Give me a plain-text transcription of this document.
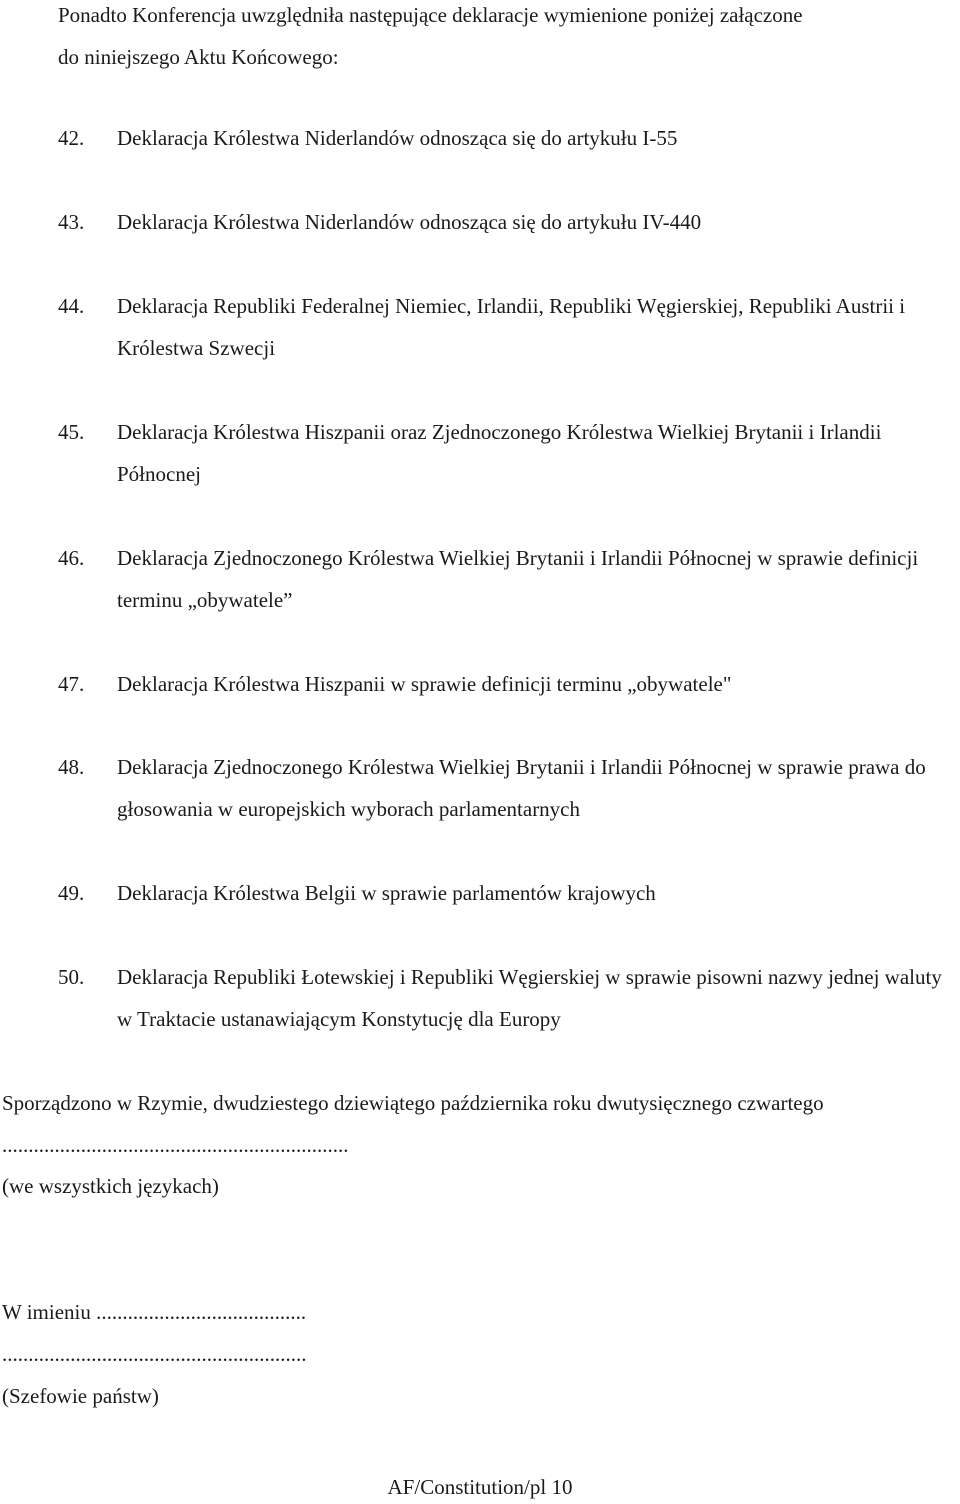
Ponadto Konferencja uwzględniła następujące deklaracje wymienione poniżej załączone
do niniejszego Aktu Końcowego:
42. Deklaracja Królestwa Niderlandów odnosząca się do artykułu I-55
43. Deklaracja Królestwa Niderlandów odnosząca się do artykułu IV-440
44. Deklaracja Republiki Federalnej Niemiec, Irlandii, Republiki Węgierskiej, Republiki Austrii i Królestwa Szwecji
45. Deklaracja Królestwa Hiszpanii oraz Zjednoczonego Królestwa Wielkiej Brytanii i Irlandii Północnej
46. Deklaracja Zjednoczonego Królestwa Wielkiej Brytanii i Irlandii Północnej w sprawie definicji terminu „obywatele”
47. Deklaracja Królestwa Hiszpanii w sprawie definicji terminu „obywatele"
48. Deklaracja Zjednoczonego Królestwa Wielkiej Brytanii i Irlandii Północnej w sprawie prawa do głosowania w europejskich wyborach parlamentarnych
49. Deklaracja Królestwa Belgii w sprawie parlamentów krajowych
50. Deklaracja Republiki Łotewskiej i Republiki Węgierskiej w sprawie pisowni nazwy jednej waluty w Traktacie ustanawiającym Konstytucję dla Europy
Sporządzono w Rzymie, dwudziestego dziewiątego października roku dwutysięcznego czwartego
..................................................................
(we wszystkich językach)
W imieniu ........................................
..........................................................
(Szefowie państw)
AF/Constitution/pl 10
